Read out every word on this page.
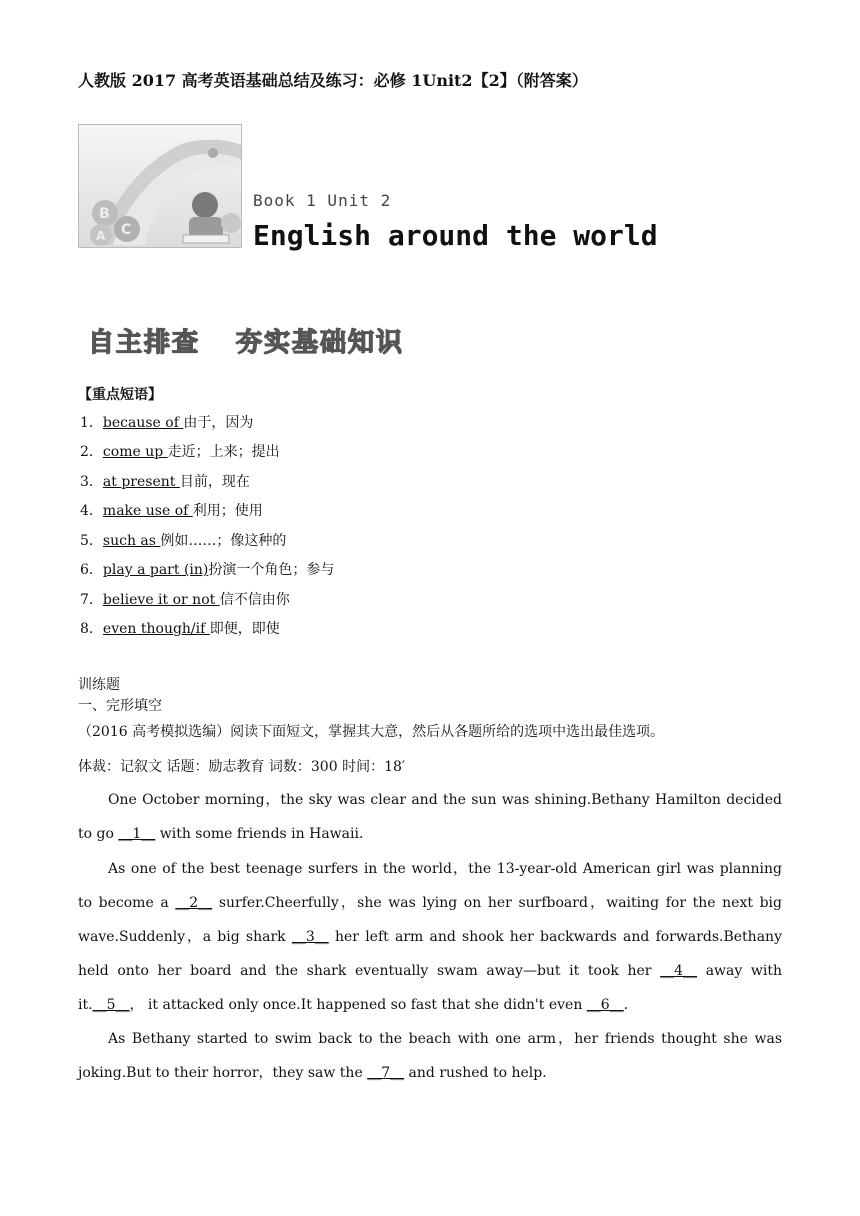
人教版 2017 高考英语基础总结及练习：必修 1Unit2【2】（附答案）
B
C
A
Book 1 Unit 2
English around the world
自主排查 夯实基础知识
【重点短语】
1．because of 由于，因为
2．come up 走近；上来；提出
3．at present 目前，现在
4．make use of 利用；使用
5．such as 例如……；像这种的
6．play a part (in)扮演一个角色；参与
7．believe it or not 信不信由你
8．even though/if 即便，即使
训练题
一、完形填空
（2016 高考模拟选编）阅读下面短文，掌握其大意，然后从各题所给的选项中选出最佳选项。
体裁：记叙文 话题：励志教育 词数：300 时间：18′
One October morning，the sky was clear and the sun was shining.Bethany Hamilton decided to go __1__ with some friends in Hawaii.
As one of the best teenage surfers in the world，the 13-year-old American girl was planning to become a __2__ surfer.Cheerfully，she was lying on her surfboard，waiting for the next big wave.Suddenly，a big shark __3__ her left arm and shook her backwards and forwards.Bethany held onto her board and the shark eventually swam away—but it took her __4__ away with it.__5__， it attacked only once.It happened so fast that she didn't even __6__．
As Bethany started to swim back to the beach with one arm，her friends thought she was joking.But to their horror，they saw the __7__ and rushed to help.
